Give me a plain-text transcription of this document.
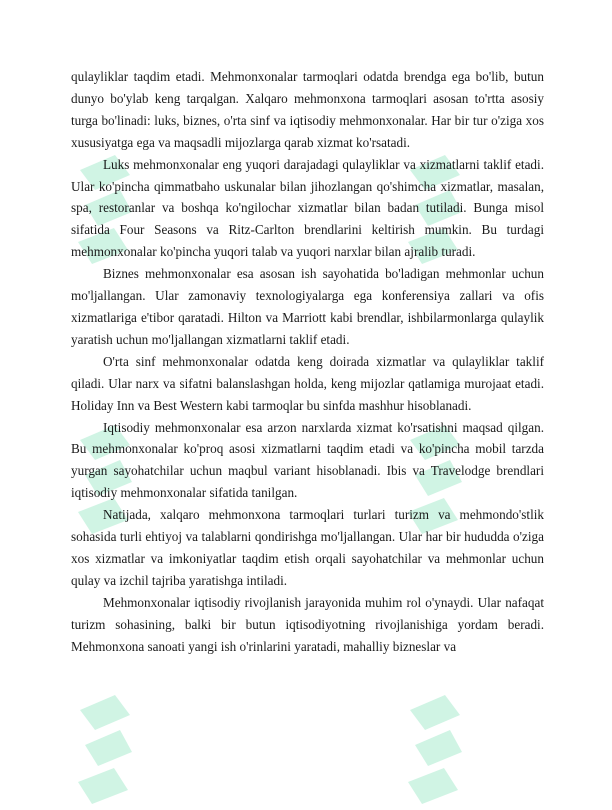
qulayliklar taqdim etadi. Mehmonxonalar tarmoqlari odatda brendga ega bo'lib, butun dunyo bo'ylab keng tarqalgan. Xalqaro mehmonxona tarmoqlari asosan to'rtta asosiy turga bo'linadi: luks, biznes, o'rta sinf va iqtisodiy mehmonxonalar. Har bir tur o'ziga xos xususiyatga ega va maqsadli mijozlarga qarab xizmat ko'rsatadi.

Luks mehmonxonalar eng yuqori darajadagi qulayliklar va xizmatlarni taklif etadi. Ular ko'pincha qimmatbaho uskunalar bilan jihozlangan qo'shimcha xizmatlar, masalan, spa, restoranlar va boshqa ko'ngilochar xizmatlar bilan badan tutiladi. Bunga misol sifatida Four Seasons va Ritz-Carlton brendlarini keltirish mumkin. Bu turdagi mehmonxonalar ko'pincha yuqori talab va yuqori narxlar bilan ajralib turadi.

Biznes mehmonxonalar esa asosan ish sayohatida bo'ladigan mehmonlar uchun mo'ljallangan. Ular zamonaviy texnologiyalarga ega konferensiya zallari va ofis xizmatlariga e'tibor qaratadi. Hilton va Marriott kabi brendlar, ishbilarmonlarga qulaylik yaratish uchun mo'ljallangan xizmatlarni taklif etadi.

O'rta sinf mehmonxonalar odatda keng doirada xizmatlar va qulayliklar taklif qiladi. Ular narx va sifatni balanslashgan holda, keng mijozlar qatlamiga murojaat etadi. Holiday Inn va Best Western kabi tarmoqlar bu sinfda mashhur hisoblanadi.

Iqtisodiy mehmonxonalar esa arzon narxlarda xizmat ko'rsatishni maqsad qilgan. Bu mehmonxonalar ko'proq asosi xizmatlarni taqdim etadi va ko'pincha mobil tarzda yurgan sayohatchilar uchun maqbul variant hisoblanadi. Ibis va Travelodge brendlari iqtisodiy mehmonxonalar sifatida tanilgan.

Natijada, xalqaro mehmonxona tarmoqlari turlari turizm va mehmondo'stlik sohasida turli ehtiyoj va talablarni qondirishga mo'ljallangan. Ular har bir hududda o'ziga xos xizmatlar va imkoniyatlar taqdim etish orqali sayohatchilar va mehmonlar uchun qulay va izchil tajriba yaratishga intiladi.

Mehmonxonalar iqtisodiy rivojlanish jarayonida muhim rol o'ynaydi. Ular nafaqat turizm sohasining, balki bir butun iqtisodiyotning rivojlanishiga yordam beradi. Mehmonxona sanoati yangi ish o'rinlarini yaratadi, mahalliy bizneslar va
